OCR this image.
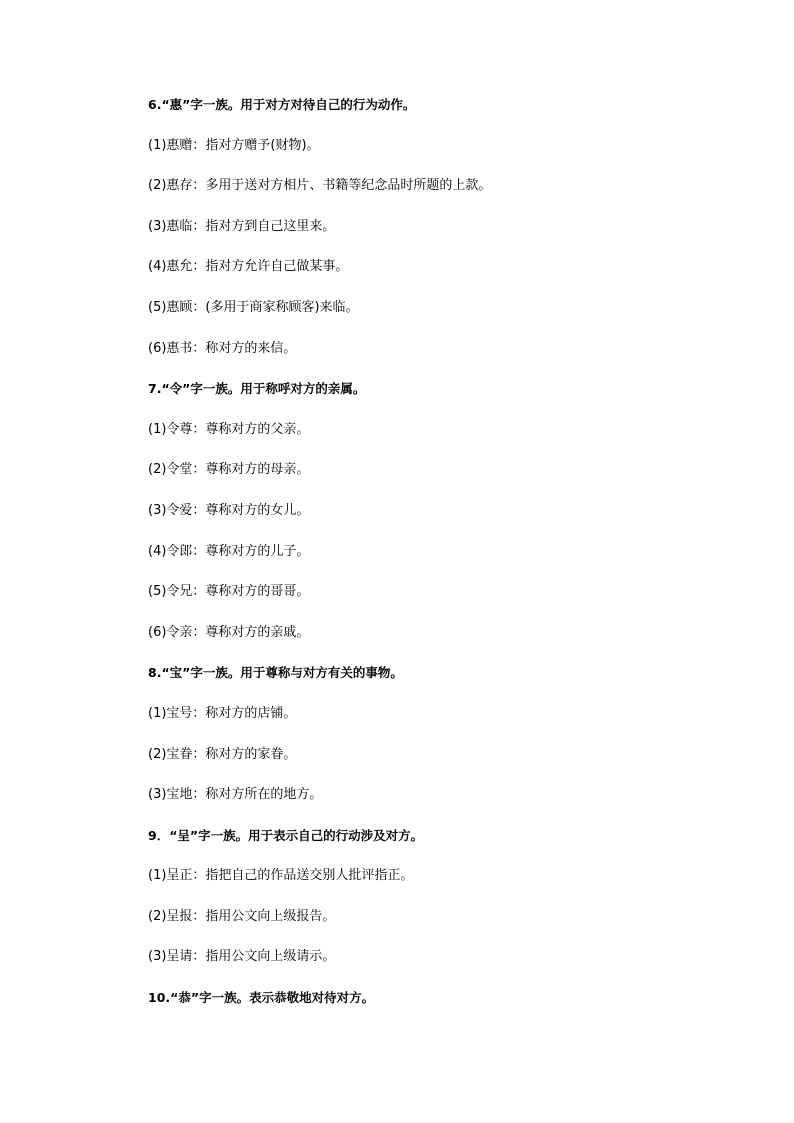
6.“惠”字一族。用于对方对待自己的行为动作。
(1)惠赠：指对方赠予(财物)。
(2)惠存：多用于送对方相片、书籍等纪念品时所题的上款。
(3)惠临：指对方到自己这里来。
(4)惠允：指对方允许自己做某事。
(5)惠顾：(多用于商家称顾客)来临。
(6)惠书：称对方的来信。
7.“令”字一族。用于称呼对方的亲属。
(1)令尊：尊称对方的父亲。
(2)令堂：尊称对方的母亲。
(3)令爱：尊称对方的女儿。
(4)令郎：尊称对方的儿子。
(5)令兄：尊称对方的哥哥。
(6)令亲：尊称对方的亲戚。
8.“宝”字一族。用于尊称与对方有关的事物。
(1)宝号：称对方的店铺。
(2)宝眷：称对方的家眷。
(3)宝地：称对方所在的地方。
9．“呈”字一族。用于表示自己的行动涉及对方。
(1)呈正：指把自己的作品送交别人批评指正。
(2)呈报：指用公文向上级报告。
(3)呈请：指用公文向上级请示。
10.“恭”字一族。表示恭敬地对待对方。
